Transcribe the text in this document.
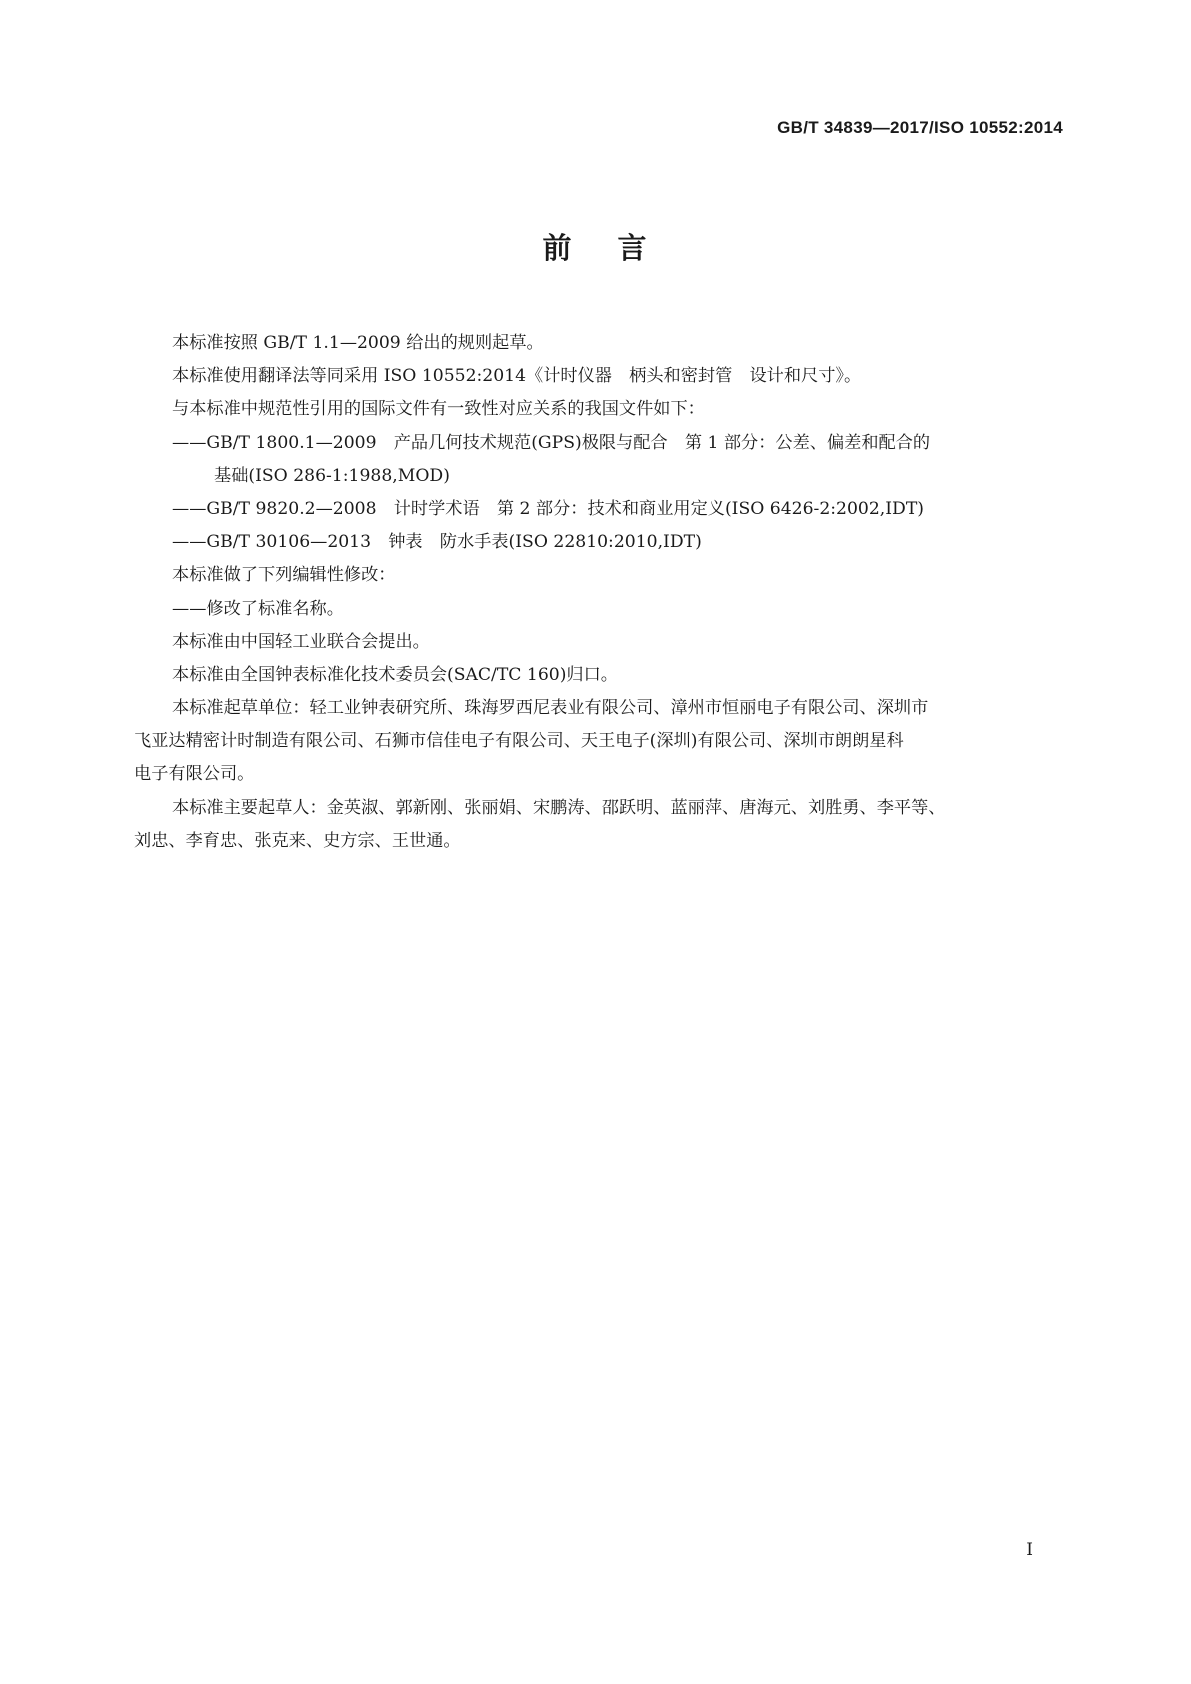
GB/T 34839—2017/ISO 10552:2014
前言
本标准按照 GB/T 1.1—2009 给出的规则起草。
本标准使用翻译法等同采用 ISO 10552:2014《计时仪器　柄头和密封管　设计和尺寸》。
与本标准中规范性引用的国际文件有一致性对应关系的我国文件如下：
——GB/T 1800.1—2009　产品几何技术规范(GPS)极限与配合　第 1 部分：公差、偏差和配合的
基础(ISO 286-1:1988,MOD)
——GB/T 9820.2—2008　计时学术语　第 2 部分：技术和商业用定义(ISO 6426-2:2002,IDT)
——GB/T 30106—2013　钟表　防水手表(ISO 22810:2010,IDT)
本标准做了下列编辑性修改：
——修改了标准名称。
本标准由中国轻工业联合会提出。
本标准由全国钟表标准化技术委员会(SAC/TC 160)归口。
本标准起草单位：轻工业钟表研究所、珠海罗西尼表业有限公司、漳州市恒丽电子有限公司、深圳市
飞亚达精密计时制造有限公司、石狮市信佳电子有限公司、天王电子(深圳)有限公司、深圳市朗朗星科
电子有限公司。
本标准主要起草人：金英淑、郭新刚、张丽娟、宋鹏涛、邵跃明、蓝丽萍、唐海元、刘胜勇、李平等、
刘忠、李育忠、张克来、史方宗、王世通。
I
